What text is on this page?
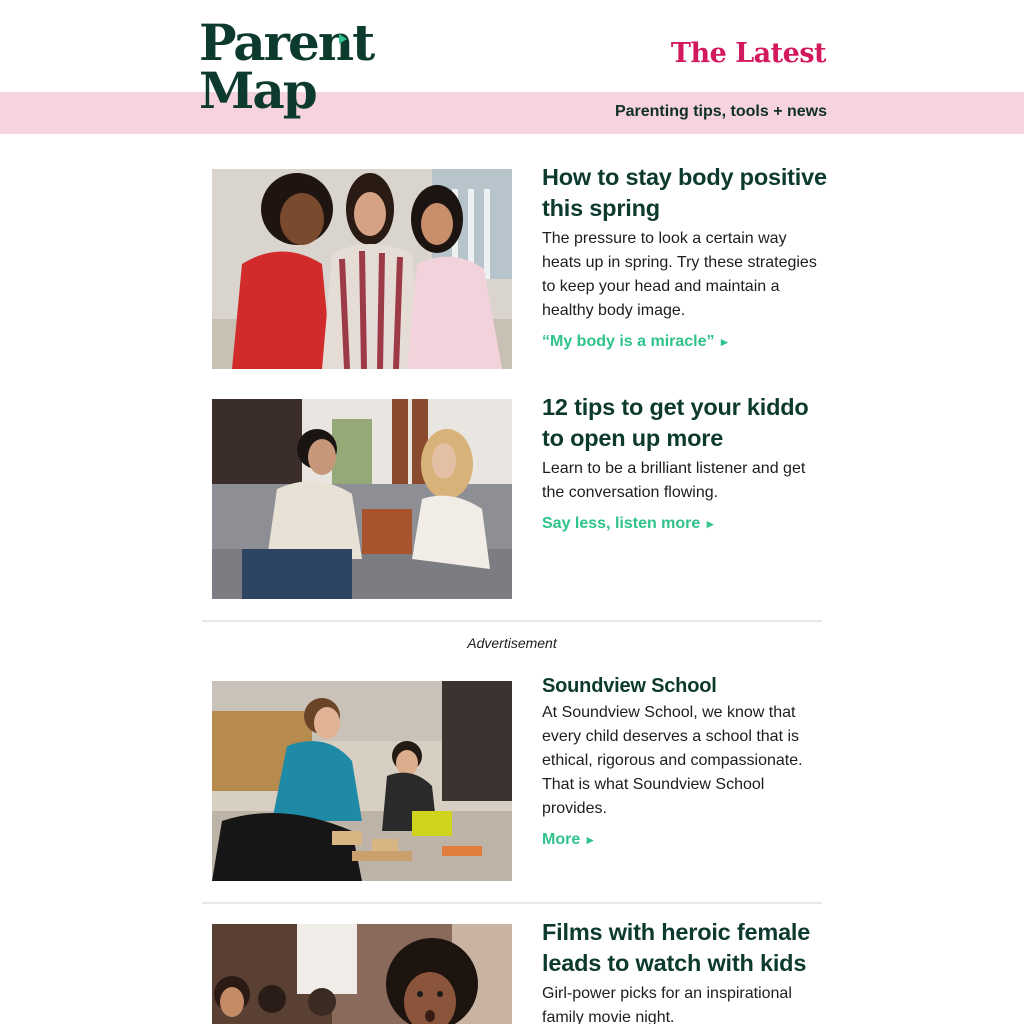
Parent
Map
The Latest
Parenting tips, tools + news
How to stay body positive this spring
The pressure to look a certain way heats up in spring. Try these strategies to keep your head and maintain a healthy body image.
“My body is a miracle” ►
12 tips to get your kiddo to open up more
Learn to be a brilliant listener and get the conversation flowing.
Say less, listen more ►
Advertisement
Soundview School
At Soundview School, we know that every child deserves a school that is ethical, rigorous and compassionate. That is what Soundview School provides.
More ►
Films with heroic female leads to watch with kids
Girl-power picks for an inspirational family movie night.
